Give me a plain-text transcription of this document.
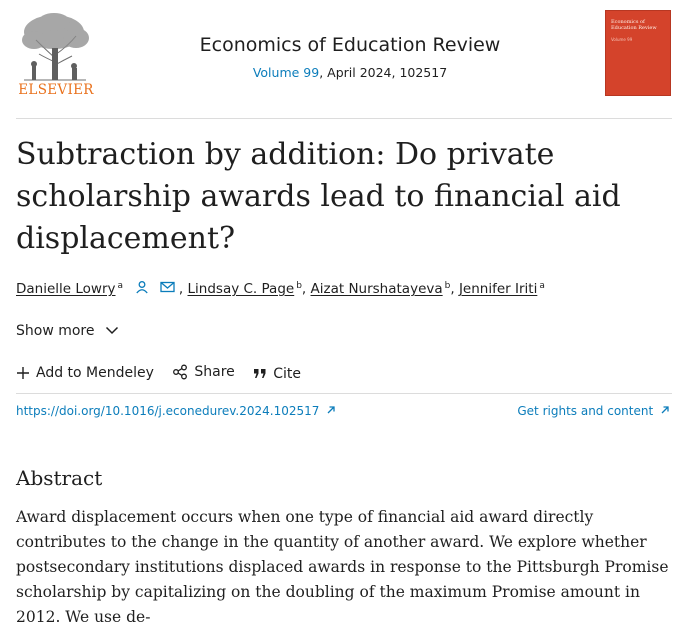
ELSEVIER
Economics of Education Review
Volume 99, April 2024, 102517
Economics of Education Review
Volume 99
Subtraction by addition: Do private scholarship awards lead to financial aid displacement?
Danielle Lowry $^a$	, Lindsay C. Page $^b$, Aizat Nurshatayeva $^b$, Jennifer Iriti $^a$
Show more
Add to Mendeley
	Share
	Cite
https://doi.org/10.1016/j.econedurev.2024.102517	Get rights and content
Abstract

Award displacement occurs when one type of financial aid award directly contributes to the change in the quantity of another award. We explore whether postsecondary institutions displaced awards in response to the Pittsburgh Promise scholarship by capitalizing on the doubling of the maximum Promise amount in 2012. We use de-
